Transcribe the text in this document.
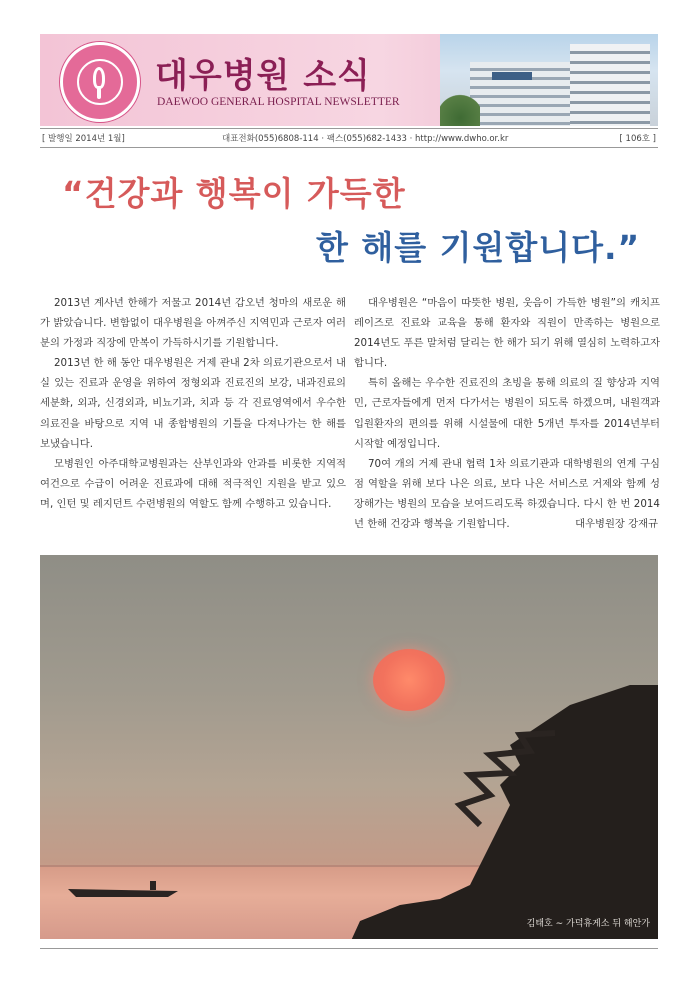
대우병원 소식
DAEWOO GENERAL HOSPITAL NEWSLETTER
[ 발행일 2014년 1월]	대표전화(055)6808-114 · 팩스(055)682-1433 · http://www.dwho.or.kr	[ 106호 ]
“건강과 행복이 가득한
한 해를 기원합니다.”

2013년 계사년 한해가 저물고 2014년 갑오년 청마의 새로운 해가 밝았습니다. 변함없이 대우병원을 아껴주신 지역민과 근로자 여러분의 가정과 직장에 만복이 가득하시기를 기원합니다.

2013년 한 해 동안 대우병원은 거제 관내 2차 의료기관으로서 내실 있는 진료과 운영을 위하여 정형외과 진료진의 보강, 내과진료의 세분화, 외과, 신경외과, 비뇨기과, 치과 등 각 진료영역에서 우수한 의료진을 바탕으로 지역 내 종합병원의 기틀을 다져나가는 한 해를 보냈습니다.

모병원인 아주대학교병원과는 산부인과와 안과를 비롯한 지역적 여건으로 수급이 어려운 진료과에 대해 적극적인 지원을 받고 있으며, 인턴 및 레지던트 수련병원의 역할도 함께 수행하고 있습니다.

대우병원은 “마음이 따뜻한 병원, 웃음이 가득한 병원”의 캐치프레이즈로 진료와 교육을 통해 환자와 직원이 만족하는 병원으로 2014년도 푸른 말처럼 달리는 한 해가 되기 위해 열심히 노력하고자 합니다.

특히 올해는 우수한 진료진의 초빙을 통해 의료의 질 향상과 지역민, 근로자들에게 먼저 다가서는 병원이 되도록 하겠으며, 내원객과 입원환자의 편의를 위해 시설물에 대한 5개년 투자를 2014년부터 시작할 예정입니다.

70여 개의 거제 관내 협력 1차 의료기관과 대학병원의 연계 구심점 역할을 위해 보다 나은 의료, 보다 나은 서비스로 거제와 함께 성장해가는 병원의 모습을 보여드리도록 하겠습니다. 다시 한 번 2014년 한해 건강과 행복을 기원합니다.	대우병원장 강재규
김태호 ∼ 가덕휴게소 뒤 해안가
